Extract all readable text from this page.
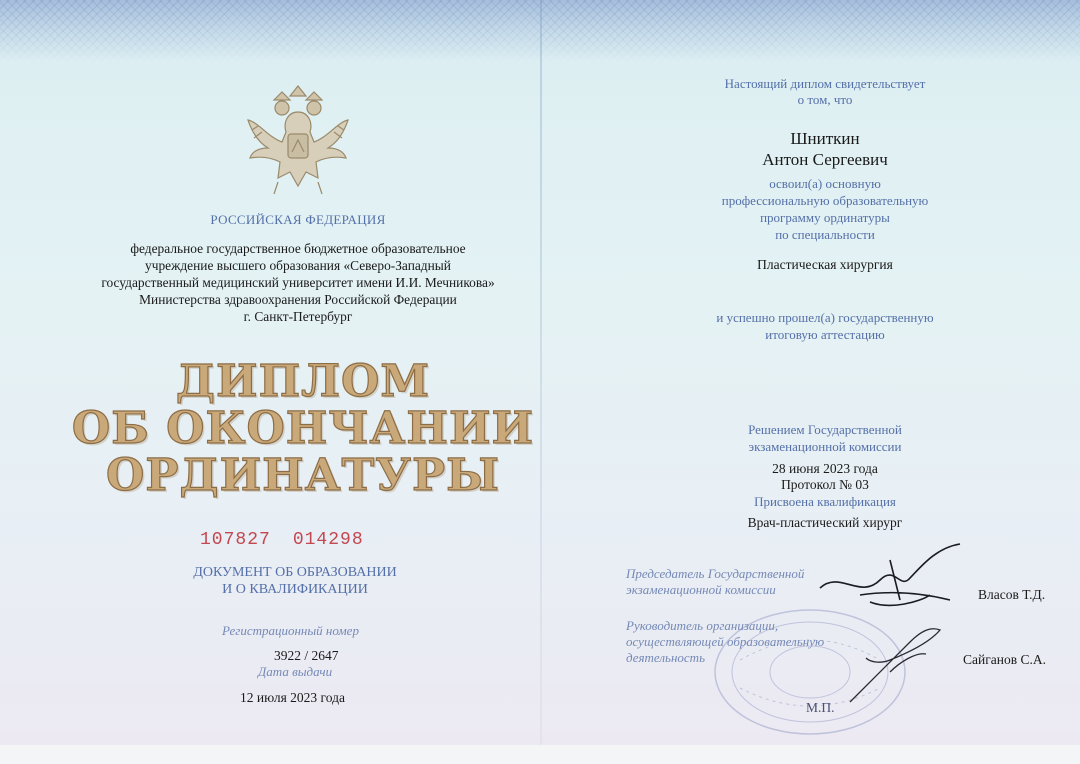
РОССИЙСКАЯ ФЕДЕРАЦИЯ
федеральное государственное бюджетное образовательное
учреждение высшего образования «Северо-Западный
государственный медицинский университет имени И.И. Мечникова»
Министерства здравоохранения Российской Федерации
г. Санкт-Петербург
ДИПЛОМ
ОБ ОКОНЧАНИИ
ОРДИНАТУРЫ
107827 014298
ДОКУМЕНТ ОБ ОБРАЗОВАНИИ
И О КВАЛИФИКАЦИИ
Регистрационный номер
3922 / 2647
Дата выдачи
12 июля 2023 года
Настоящий диплом свидетельствует
о том, что
Шниткин
Антон Сергеевич
освоил(а) основную
профессиональную образовательную
программу ординатуры
по специальности
Пластическая хирургия
и успешно прошел(а) государственную
итоговую аттестацию
Решением Государственной
экзаменационной комиссии
28 июня 2023 года
Протокол № 03
Присвоена квалификация
Врач-пластический хирург
Председатель Государственной
экзаменационной комиссии	Власов Т.Д.
Руководитель организации,
осуществляющей образовательную
деятельность	Сайганов С.А.
М.П.
